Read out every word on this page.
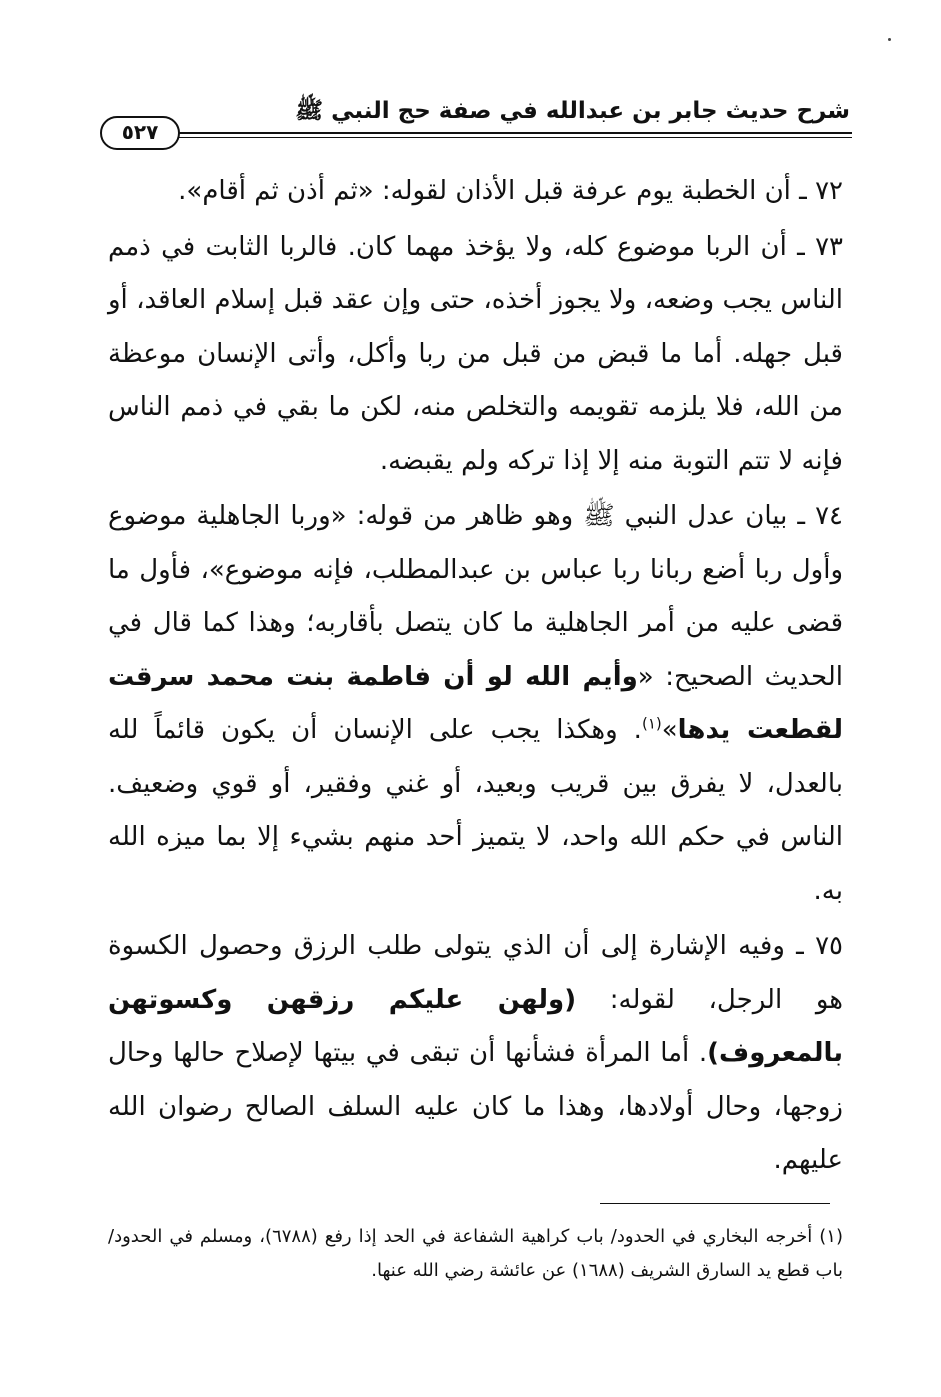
شرح حديث جابر بن عبدالله في صفة حج النبي ﷺ
٥٢٧

٧٢ ـ أن الخطبة يوم عرفة قبل الأذان لقوله: «ثم أذن ثم أقام».

٧٣ ـ أن الربا موضوع كله، ولا يؤخذ مهما كان. فالربا الثابت في ذمم الناس يجب وضعه، ولا يجوز أخذه، حتى وإن عقد قبل إسلام العاقد، أو قبل جهله. أما ما قبض من قبل من ربا وأكل، وأتى الإنسان موعظة من الله، فلا يلزمه تقويمه والتخلص منه، لكن ما بقي في ذمم الناس فإنه لا تتم التوبة منه إلا إذا تركه ولم يقبضه.

٧٤ ـ بيان عدل النبي ﷺ وهو ظاهر من قوله: «وربا الجاهلية موضوع وأول ربا أضع ربانا ربا عباس بن عبدالمطلب، فإنه موضوع»، فأول ما قضى عليه من أمر الجاهلية ما كان يتصل بأقاربه؛ وهذا كما قال في الحديث الصحيح: «وأيم الله لو أن فاطمة بنت محمد سرقت لقطعت يدها»$^{(١)}$. وهكذا يجب على الإنسان أن يكون قائماً لله بالعدل، لا يفرق بين قريب وبعيد، أو غني وفقير، أو قوي وضعيف. الناس في حكم الله واحد، لا يتميز أحد منهم بشيء إلا بما ميزه الله به.

٧٥ ـ وفيه الإشارة إلى أن الذي يتولى طلب الرزق وحصول الكسوة هو الرجل، لقوله: (ولهن عليكم رزقهن وكسوتهن بالمعروف). أما المرأة فشأنها أن تبقى في بيتها لإصلاح حالها وحال زوجها، وحال أولادها، وهذا ما كان عليه السلف الصالح رضوان الله عليهم.

(١) أخرجه البخاري في الحدود/ باب كراهية الشفاعة في الحد إذا رفع (٦٧٨٨)، ومسلم في الحدود/ باب قطع يد السارق الشريف (١٦٨٨) عن عائشة رضي الله عنها.
